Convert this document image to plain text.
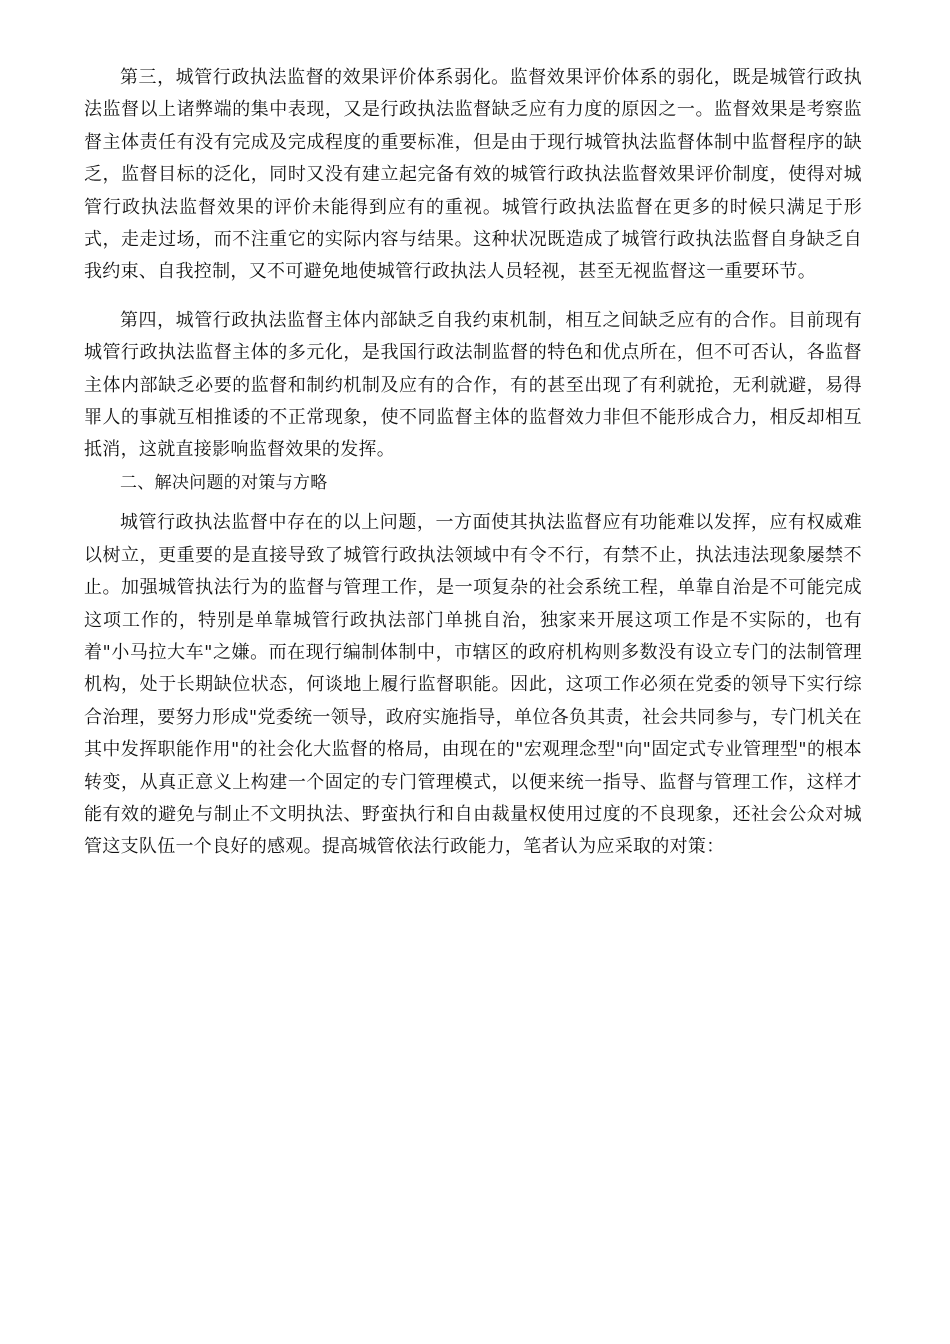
第三，城管行政执法监督的效果评价体系弱化。监督效果评价体系的弱化，既是城管行政执法监督以上诸弊端的集中表现，又是行政执法监督缺乏应有力度的原因之一。监督效果是考察监督主体责任有没有完成及完成程度的重要标准，但是由于现行城管执法监督体制中监督程序的缺乏，监督目标的泛化，同时又没有建立起完备有效的城管行政执法监督效果评价制度，使得对城管行政执法监督效果的评价未能得到应有的重视。城管行政执法监督在更多的时候只满足于形式，走走过场，而不注重它的实际内容与结果。这种状况既造成了城管行政执法监督自身缺乏自我约束、自我控制，又不可避免地使城管行政执法人员轻视，甚至无视监督这一重要环节。

第四，城管行政执法监督主体内部缺乏自我约束机制，相互之间缺乏应有的合作。目前现有城管行政执法监督主体的多元化，是我国行政法制监督的特色和优点所在，但不可否认，各监督主体内部缺乏必要的监督和制约机制及应有的合作，有的甚至出现了有利就抢，无利就避，易得罪人的事就互相推诿的不正常现象，使不同监督主体的监督效力非但不能形成合力，相反却相互抵消，这就直接影响监督效果的发挥。

二、解决问题的对策与方略

城管行政执法监督中存在的以上问题，一方面使其执法监督应有功能难以发挥，应有权威难以树立，更重要的是直接导致了城管行政执法领域中有令不行，有禁不止，执法违法现象屡禁不止。加强城管执法行为的监督与管理工作，是一项复杂的社会系统工程，单靠自治是不可能完成这项工作的，特别是单靠城管行政执法部门单挑自治，独家来开展这项工作是不实际的，也有着"小马拉大车"之嫌。而在现行编制体制中，市辖区的政府机构则多数没有设立专门的法制管理机构，处于长期缺位状态，何谈地上履行监督职能。因此，这项工作必须在党委的领导下实行综合治理，要努力形成"党委统一领导，政府实施指导，单位各负其责，社会共同参与，专门机关在其中发挥职能作用"的社会化大监督的格局，由现在的"宏观理念型"向"固定式专业管理型"的根本转变，从真正意义上构建一个固定的专门管理模式，以便来统一指导、监督与管理工作，这样才能有效的避免与制止不文明执法、野蛮执行和自由裁量权使用过度的不良现象，还社会公众对城管这支队伍一个良好的感观。提高城管依法行政能力，笔者认为应采取的对策：
